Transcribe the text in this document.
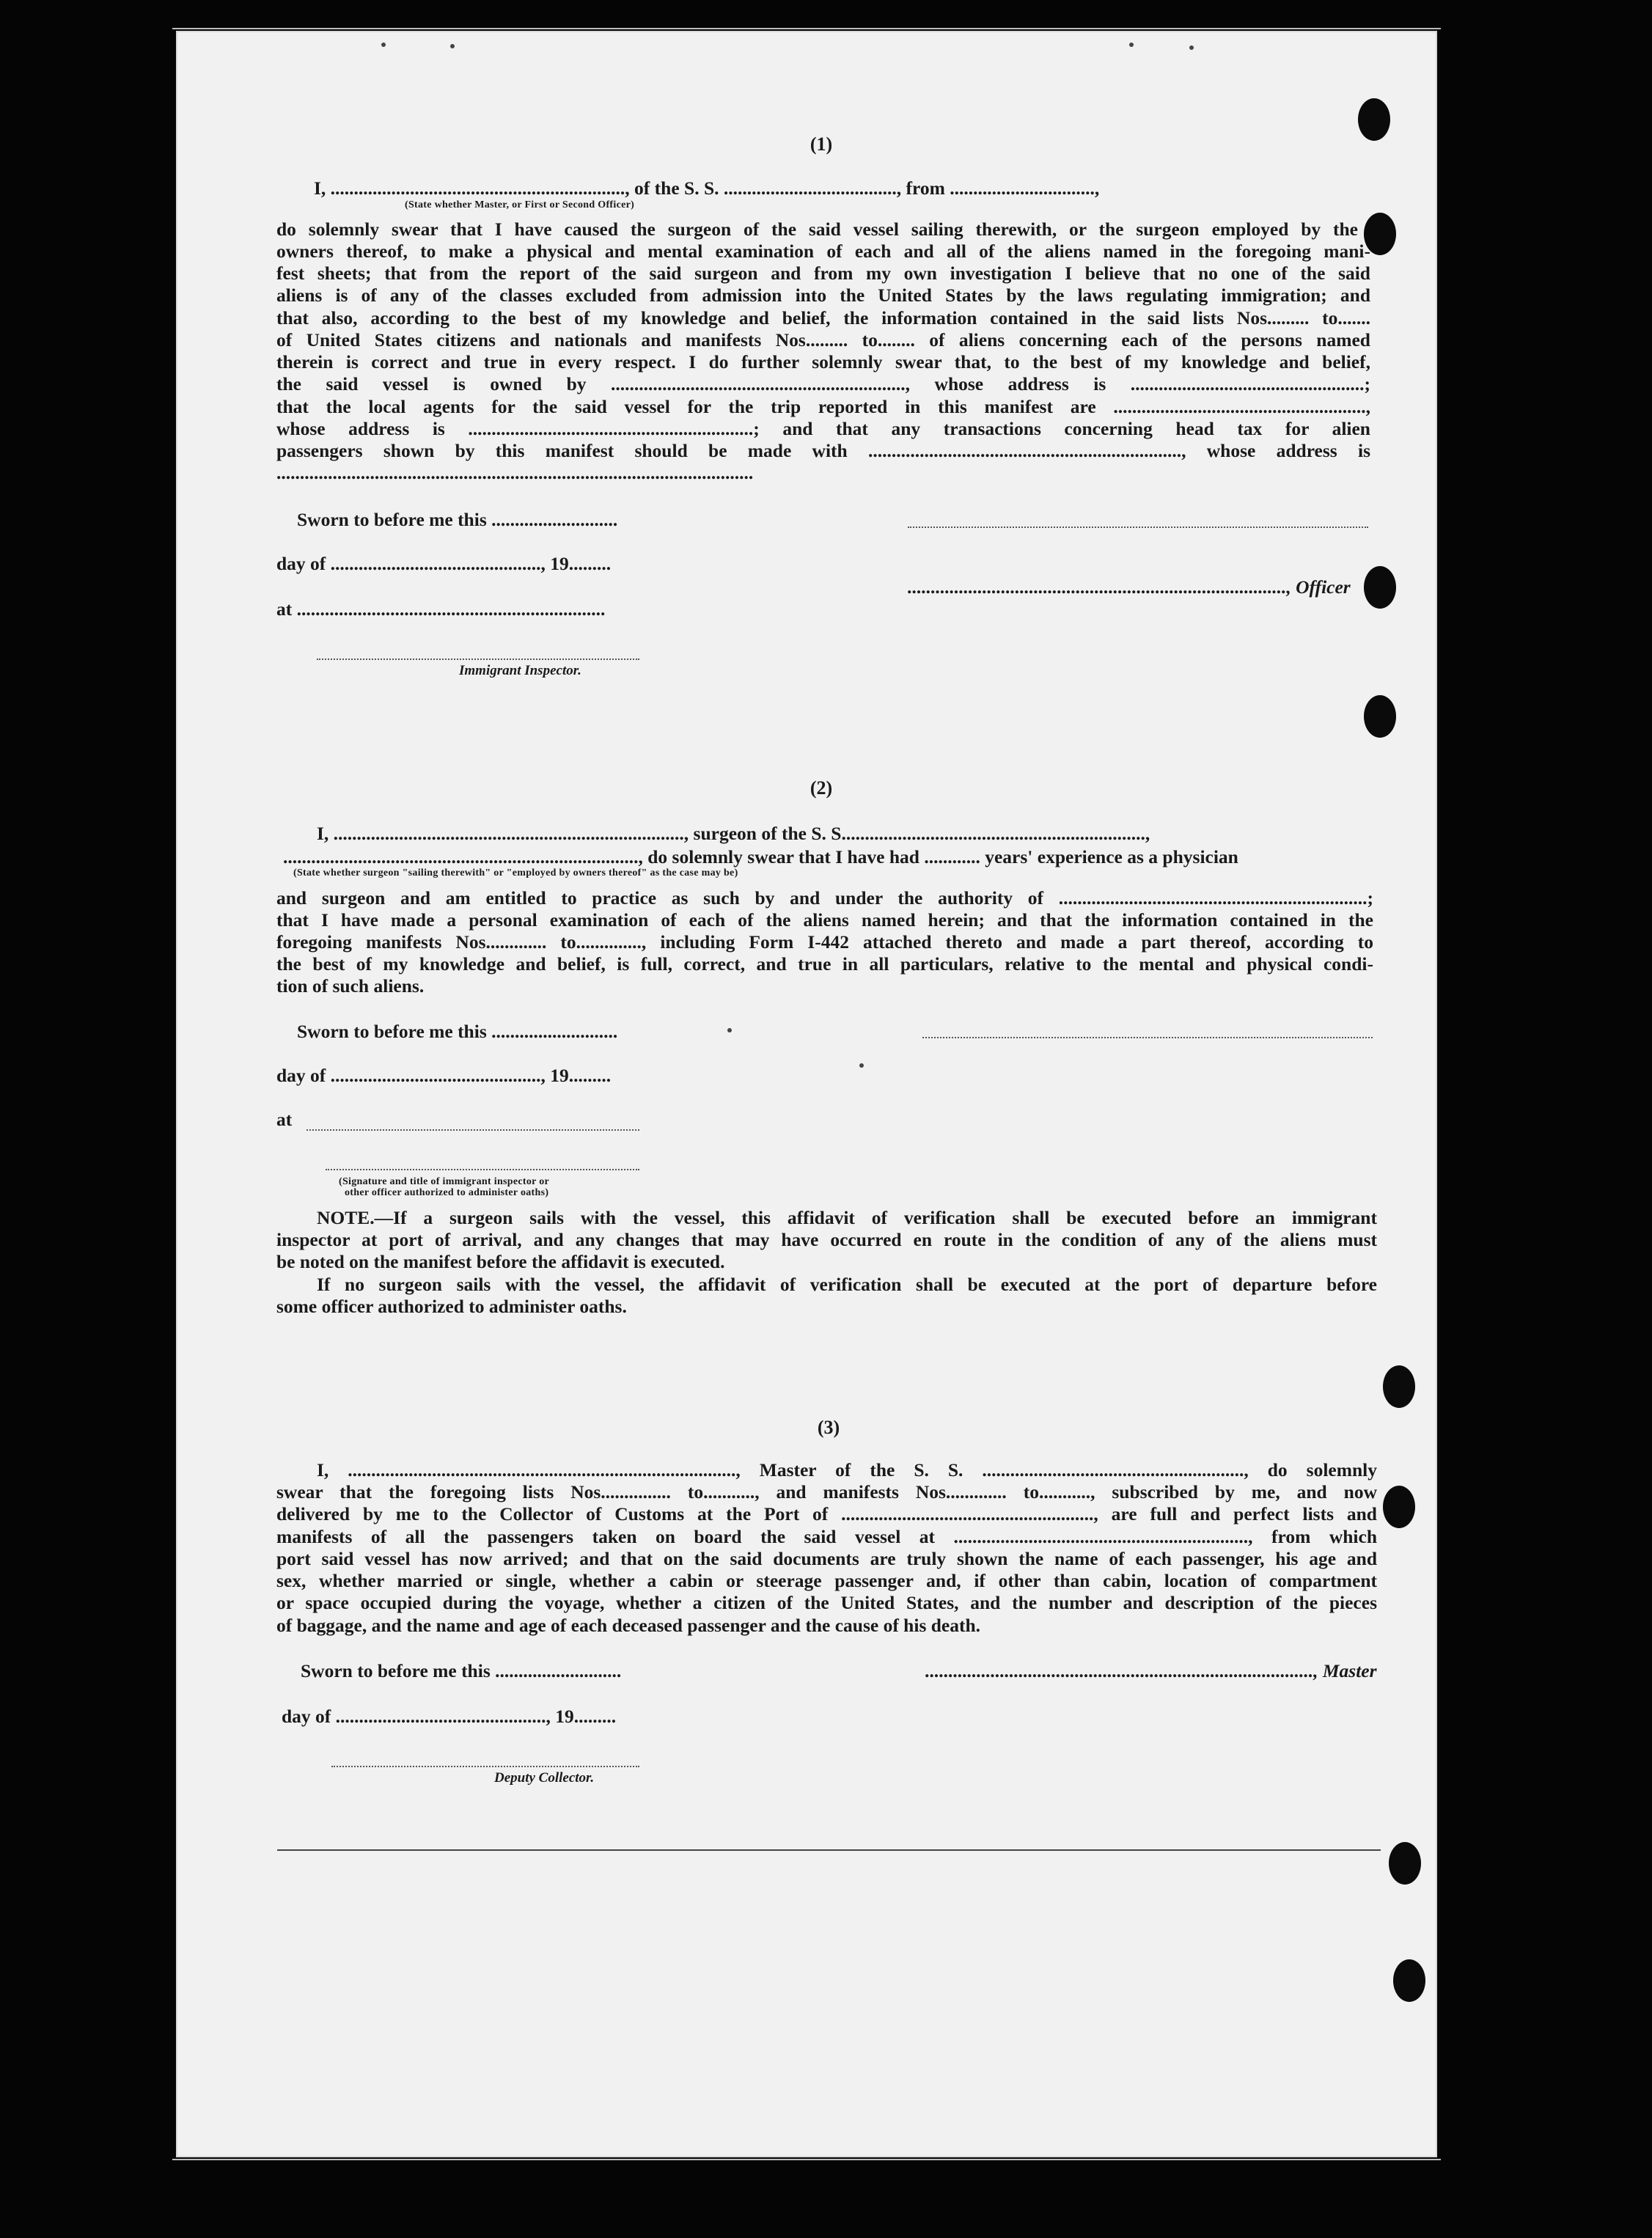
(1)
I, ..............................................................., of the S. S. ....................................., from ...............................,
(State whether Master, or First or Second Officer)
do solemnly swear that I have caused the surgeon of the said vessel sailing therewith, or the surgeon employed by the
owners thereof, to make a physical and mental examination of each and all of the aliens named in the foregoing mani-
fest sheets; that from the report of the said surgeon and from my own investigation I believe that no one of the said
aliens is of any of the classes excluded from admission into the United States by the laws regulating immigration; and
that also, according to the best of my knowledge and belief, the information contained in the said lists Nos......... to.......
of United States citizens and nationals and manifests Nos......... to........ of aliens concerning each of the persons named
therein is correct and true in every respect. I do further solemnly swear that, to the best of my knowledge and belief,
the said vessel is owned by ..............................................................., whose address is ..................................................;
that the local agents for the said vessel for the trip reported in this manifest are ......................................................,
whose address is .............................................................; and that any transactions concerning head tax for alien
passengers shown by this manifest should be made with ..................................................................., whose address is
......................................................................................................
Sworn to before me this ...........................
day of ............................................., 19.........
................................................................................., Officer
at ..................................................................
Immigrant Inspector.
(2)
I, ..........................................................................., surgeon of the S. S.................................................................,
............................................................................, do solemnly swear that I have had ............ years' experience as a physician
(State whether surgeon "sailing therewith" or "employed by owners thereof" as the case may be)
and surgeon and am entitled to practice as such by and under the authority of ..................................................................;
that I have made a personal examination of each of the aliens named herein; and that the information contained in the
foregoing manifests Nos............. to.............., including Form I-442 attached thereto and made a part thereof, according to
the best of my knowledge and belief, is full, correct, and true in all particulars, relative to the mental and physical condi-
tion of such aliens.
Sworn to before me this ...........................
day of ............................................., 19.........
at
(Signature and title of immigrant inspector or
other officer authorized to administer oaths)
NOTE.—If a surgeon sails with the vessel, this affidavit of verification shall be executed before an immigrant
inspector at port of arrival, and any changes that may have occurred en route in the condition of any of the aliens must
be noted on the manifest before the affidavit is executed.
If no surgeon sails with the vessel, the affidavit of verification shall be executed at the port of departure before
some officer authorized to administer oaths.
(3)
I, ..................................................................................., Master of the S. S. ........................................................, do solemnly
swear that the foregoing lists Nos............... to..........., and manifests Nos............. to..........., subscribed by me, and now
delivered by me to the Collector of Customs at the Port of ......................................................, are full and perfect lists and
manifests of all the passengers taken on board the said vessel at ..............................................................., from which
port said vessel has now arrived; and that on the said documents are truly shown the name of each passenger, his age and
sex, whether married or single, whether a cabin or steerage passenger and, if other than cabin, location of compartment
or space occupied during the voyage, whether a citizen of the United States, and the number and description of the pieces
of baggage, and the name and age of each deceased passenger and the cause of his death.
Sworn to before me this ...........................	..................................................................................., Master
day of ............................................., 19.........
Deputy Collector.
